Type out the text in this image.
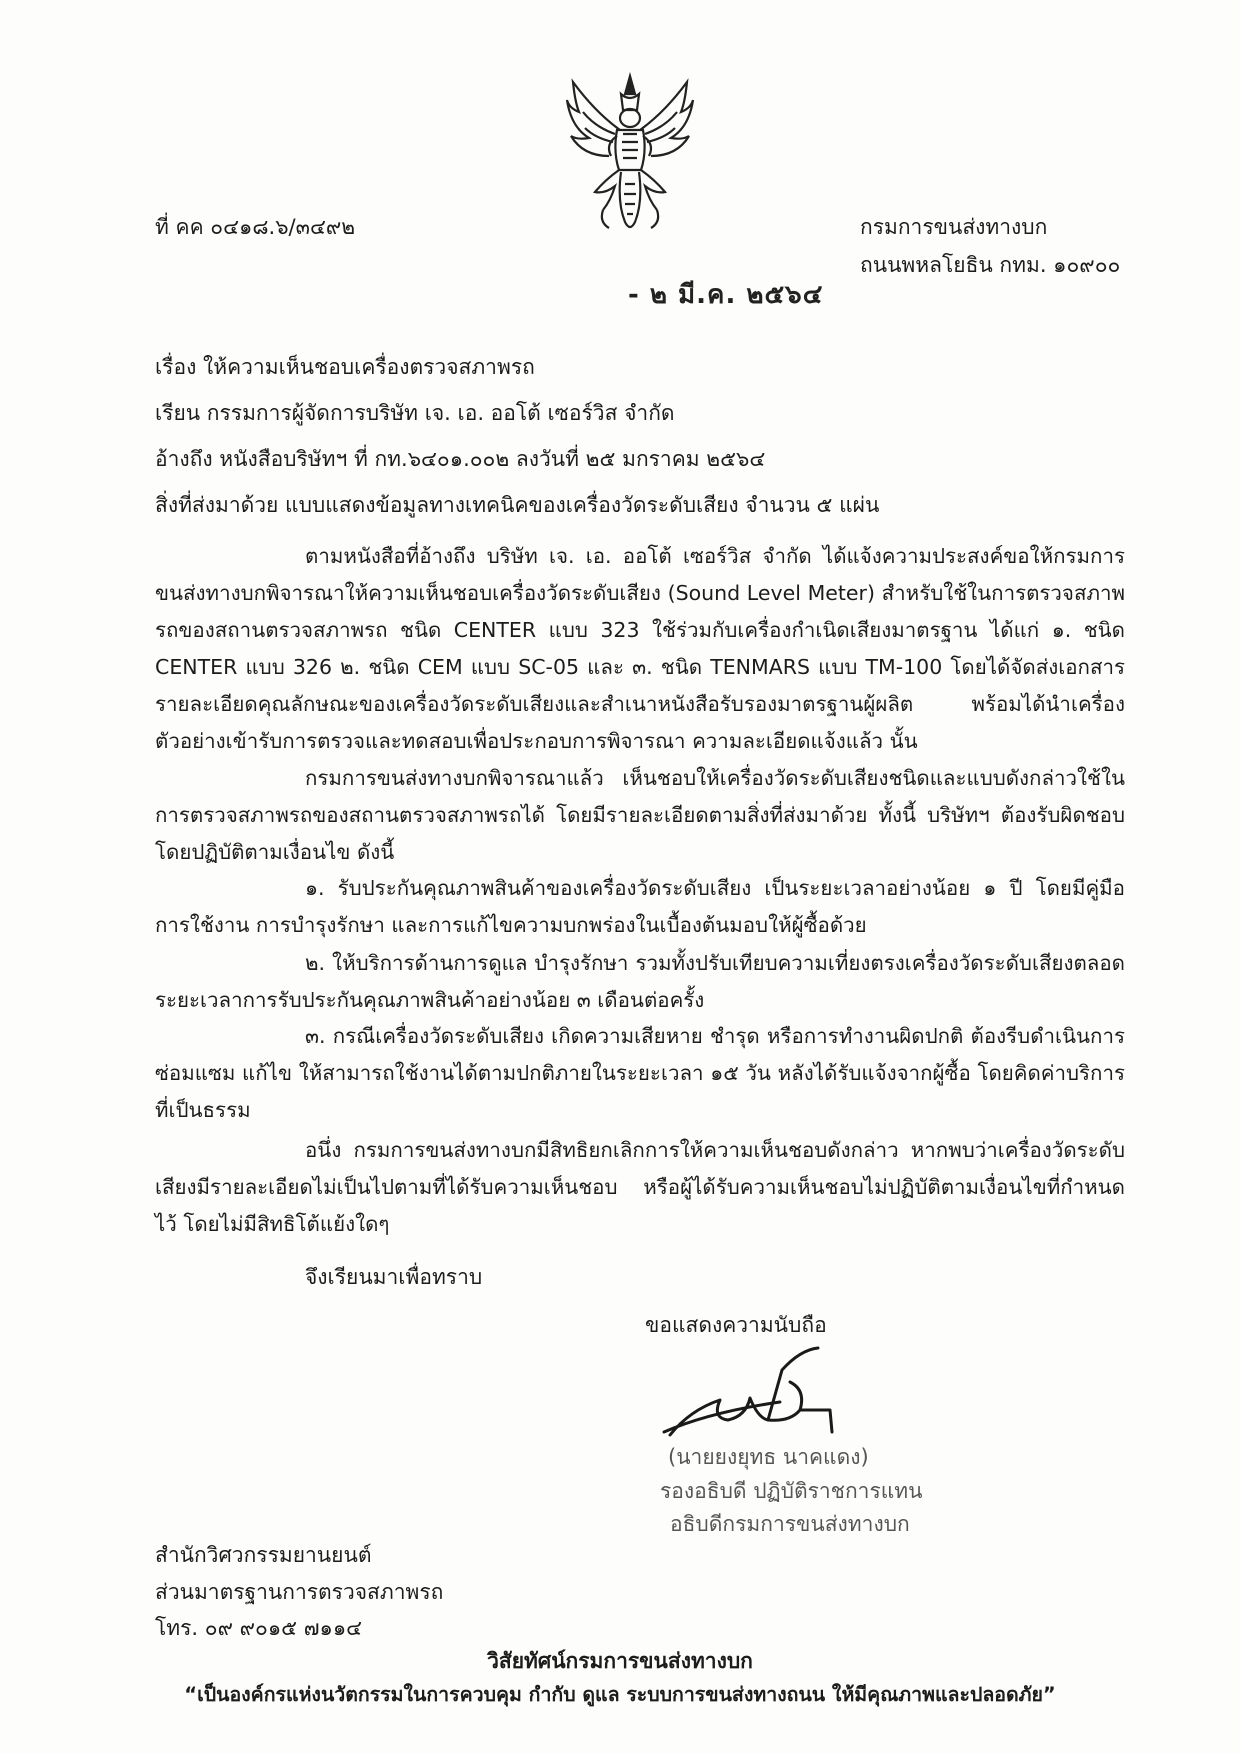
ที่ คค ๐๔๑๘.๖/๓๔๙๒	กรมการขนส่งทางบก
ถนนพหลโยธิน กทม. ๑๐๙๐๐
- ๒ มี.ค. ๒๕๖๔
เรื่อง ให้ความเห็นชอบเครื่องตรวจสภาพรถ
เรียน กรรมการผู้จัดการบริษัท เจ. เอ. ออโต้ เซอร์วิส จำกัด
อ้างถึง หนังสือบริษัทฯ ที่ กท.๖๔๐๑.๐๐๒ ลงวันที่ ๒๕ มกราคม ๒๕๖๔
สิ่งที่ส่งมาด้วย แบบแสดงข้อมูลทางเทคนิคของเครื่องวัดระดับเสียง จำนวน ๕ แผ่น

ตามหนังสือที่อ้างถึง บริษัท เจ. เอ. ออโต้ เซอร์วิส จำกัด ได้แจ้งความประสงค์ขอให้กรมการขนส่งทางบกพิจารณาให้ความเห็นชอบเครื่องวัดระดับเสียง (Sound Level Meter) สำหรับใช้ในการตรวจสภาพรถของสถานตรวจสภาพรถ ชนิด CENTER แบบ 323 ใช้ร่วมกับเครื่องกำเนิดเสียงมาตรฐาน ได้แก่ ๑. ชนิด CENTER แบบ 326 ๒. ชนิด CEM แบบ SC-05 และ ๓. ชนิด TENMARS แบบ TM-100 โดยได้จัดส่งเอกสารรายละเอียดคุณลักษณะของเครื่องวัดระดับเสียงและสำเนาหนังสือรับรองมาตรฐานผู้ผลิต พร้อมได้นำเครื่องตัวอย่างเข้ารับการตรวจและทดสอบเพื่อประกอบการพิจารณา ความละเอียดแจ้งแล้ว นั้น

กรมการขนส่งทางบกพิจารณาแล้ว เห็นชอบให้เครื่องวัดระดับเสียงชนิดและแบบดังกล่าวใช้ในการตรวจสภาพรถของสถานตรวจสภาพรถได้ โดยมีรายละเอียดตามสิ่งที่ส่งมาด้วย ทั้งนี้ บริษัทฯ ต้องรับผิดชอบโดยปฏิบัติตามเงื่อนไข ดังนี้

๑. รับประกันคุณภาพสินค้าของเครื่องวัดระดับเสียง เป็นระยะเวลาอย่างน้อย ๑ ปี โดยมีคู่มือการใช้งาน การบำรุงรักษา และการแก้ไขความบกพร่องในเบื้องต้นมอบให้ผู้ซื้อด้วย

๒. ให้บริการด้านการดูแล บำรุงรักษา รวมทั้งปรับเทียบความเที่ยงตรงเครื่องวัดระดับเสียงตลอดระยะเวลาการรับประกันคุณภาพสินค้าอย่างน้อย ๓ เดือนต่อครั้ง

๓. กรณีเครื่องวัดระดับเสียง เกิดความเสียหาย ชำรุด หรือการทำงานผิดปกติ ต้องรีบดำเนินการซ่อมแซม แก้ไข ให้สามารถใช้งานได้ตามปกติภายในระยะเวลา ๑๕ วัน หลังได้รับแจ้งจากผู้ซื้อ โดยคิดค่าบริการที่เป็นธรรม

อนึ่ง กรมการขนส่งทางบกมีสิทธิยกเลิกการให้ความเห็นชอบดังกล่าว หากพบว่าเครื่องวัดระดับเสียงมีรายละเอียดไม่เป็นไปตามที่ได้รับความเห็นชอบ หรือผู้ได้รับความเห็นชอบไม่ปฏิบัติตามเงื่อนไขที่กำหนดไว้ โดยไม่มีสิทธิโต้แย้งใดๆ

จึงเรียนมาเพื่อทราบ
ขอแสดงความนับถือ
(นายยงยุทธ นาคแดง)
รองอธิบดี ปฏิบัติราชการแทน
อธิบดีกรมการขนส่งทางบก
สำนักวิศวกรรมยานยนต์
ส่วนมาตรฐานการตรวจสภาพรถ
โทร. ๐๙ ๙๐๑๕ ๗๑๑๔
วิสัยทัศน์กรมการขนส่งทางบก
“เป็นองค์กรแห่งนวัตกรรมในการควบคุม กำกับ ดูแล ระบบการขนส่งทางถนน ให้มีคุณภาพและปลอดภัย”
